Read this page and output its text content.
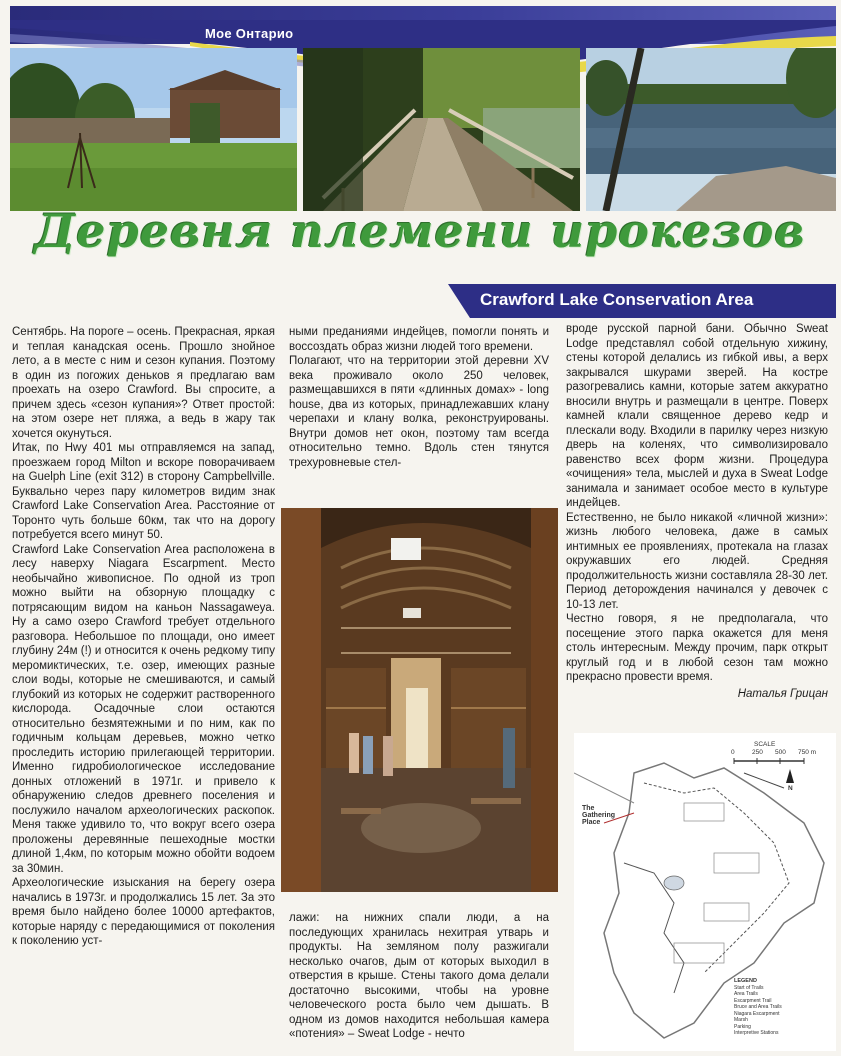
Мое Онтарио
Деревня племени ирокезов
Crawford Lake Conservation Area

Сентябрь. На пороге – осень. Прекрасная, яркая и теплая канадская осень. Прошло знойное лето, а в месте с ним и сезон купания. Поэтому в один из погожих деньков я предлагаю вам проехать на озеро Crawford. Вы спросите, а причем здесь «сезон купания»? Ответ простой: на этом озере нет пляжа, а ведь в жару так хочется окунуться.

Итак, по Hwy 401 мы отправляемся на запад, проезжаем город Milton и вскоре поворачиваем на Guelph Line (exit 312) в сторону Campbellville. Буквально через пару километров видим знак Crawford Lake Conservation Area. Расстояние от Торонто чуть больше 60км, так что на дорогу потребуется всего минут 50.

Crawford Lake Conservation Area расположена в лесу наверху Niagara Escarpment. Место необычайно живописное. По одной из троп можно выйти на обзорную площадку с потрясающим видом на каньон Nassagaweya. Ну а само озеро Crawford требует отдельного разговора. Небольшое по площади, оно имеет глубину 24м (!) и относится к очень редкому типу меромиктических, т.е. озер, имеющих разные слои воды, которые не смешиваются, и самый глубокий из которых не содержит растворенного кислорода. Осадочные слои остаются относительно безмятежными и по ним, как по годичным кольцам деревьев, можно четко проследить историю прилегающей территории. Именно гидробиологическое исследование донных отложений в 1971г. и привело к обнаружению следов древнего поселения и послужило началом археологических раскопок. Меня также удивило то, что вокруг всего озера проложены деревянные пешеходные мостки длиной 1,4км, по которым можно обойти водоем за 30мин.

Археологические изыскания на берегу озера начались в 1973г. и продолжались 15 лет. За это время было найдено более 10000 артефактов, которые наряду с передающимися от поколения к поколению уст-

ными преданиями индейцев, помогли понять и воссоздать образ жизни людей того времени.

Полагают, что на территории этой деревни XV века проживало около 250 человек, размещавшихся в пяти «длинных домах» - long house, два из которых, принадлежавших клану черепахи и клану волка, реконструированы. Внутри домов нет окон, поэтому там всегда относительно темно. Вдоль стен тянутся трехуровневые стел-

лажи: на нижних спали люди, а на последующих хранилась нехитрая утварь и продукты. На земляном полу разжигали несколько очагов, дым от которых выходил в отверстия в крыше. Стены такого дома делали достаточно высокими, чтобы на уровне человеческого роста было чем дышать. В одном из домов находится небольшая камера «потения» – Sweat Lodge - нечто

вроде русской парной бани. Обычно Sweat Lodge представлял собой отдельную хижину, стены которой делались из гибкой ивы, а верх закрывался шкурами зверей. На костре разогревались камни, которые затем аккуратно вносили внутрь и размещали в центре. Поверх камней клали священное дерево кедр и плескали воду. Входили в парилку через низкую дверь на коленях, что символизировало равенство всех форм жизни. Процедура «очищения» тела, мыслей и духа в Sweat Lodge занимала и занимает особое место в культуре индейцев.

Естественно, не было никакой «личной жизни»: жизнь любого человека, даже в самых интимных ее проявлениях, протекала на глазах окружавших его людей. Средняя продолжительность жизни составляла 28-30 лет. Период деторождения начинался у девочек с 10-13 лет.

Честно говоря, я не предполагала, что посещение этого парка окажется для меня столь интересным. Между прочим, парк открыт круглый год и в любой сезон там можно прекрасно провести время.

Наталья Грицан

SCALE
0	250 500 750 m
N
The Gathering Place
LEGEND
Start of Trails
Area Trails
Escarpment Trail
Bruce and Area Trails
Niagara Escarpment
Marsh
Parking
Interpretive Stations
